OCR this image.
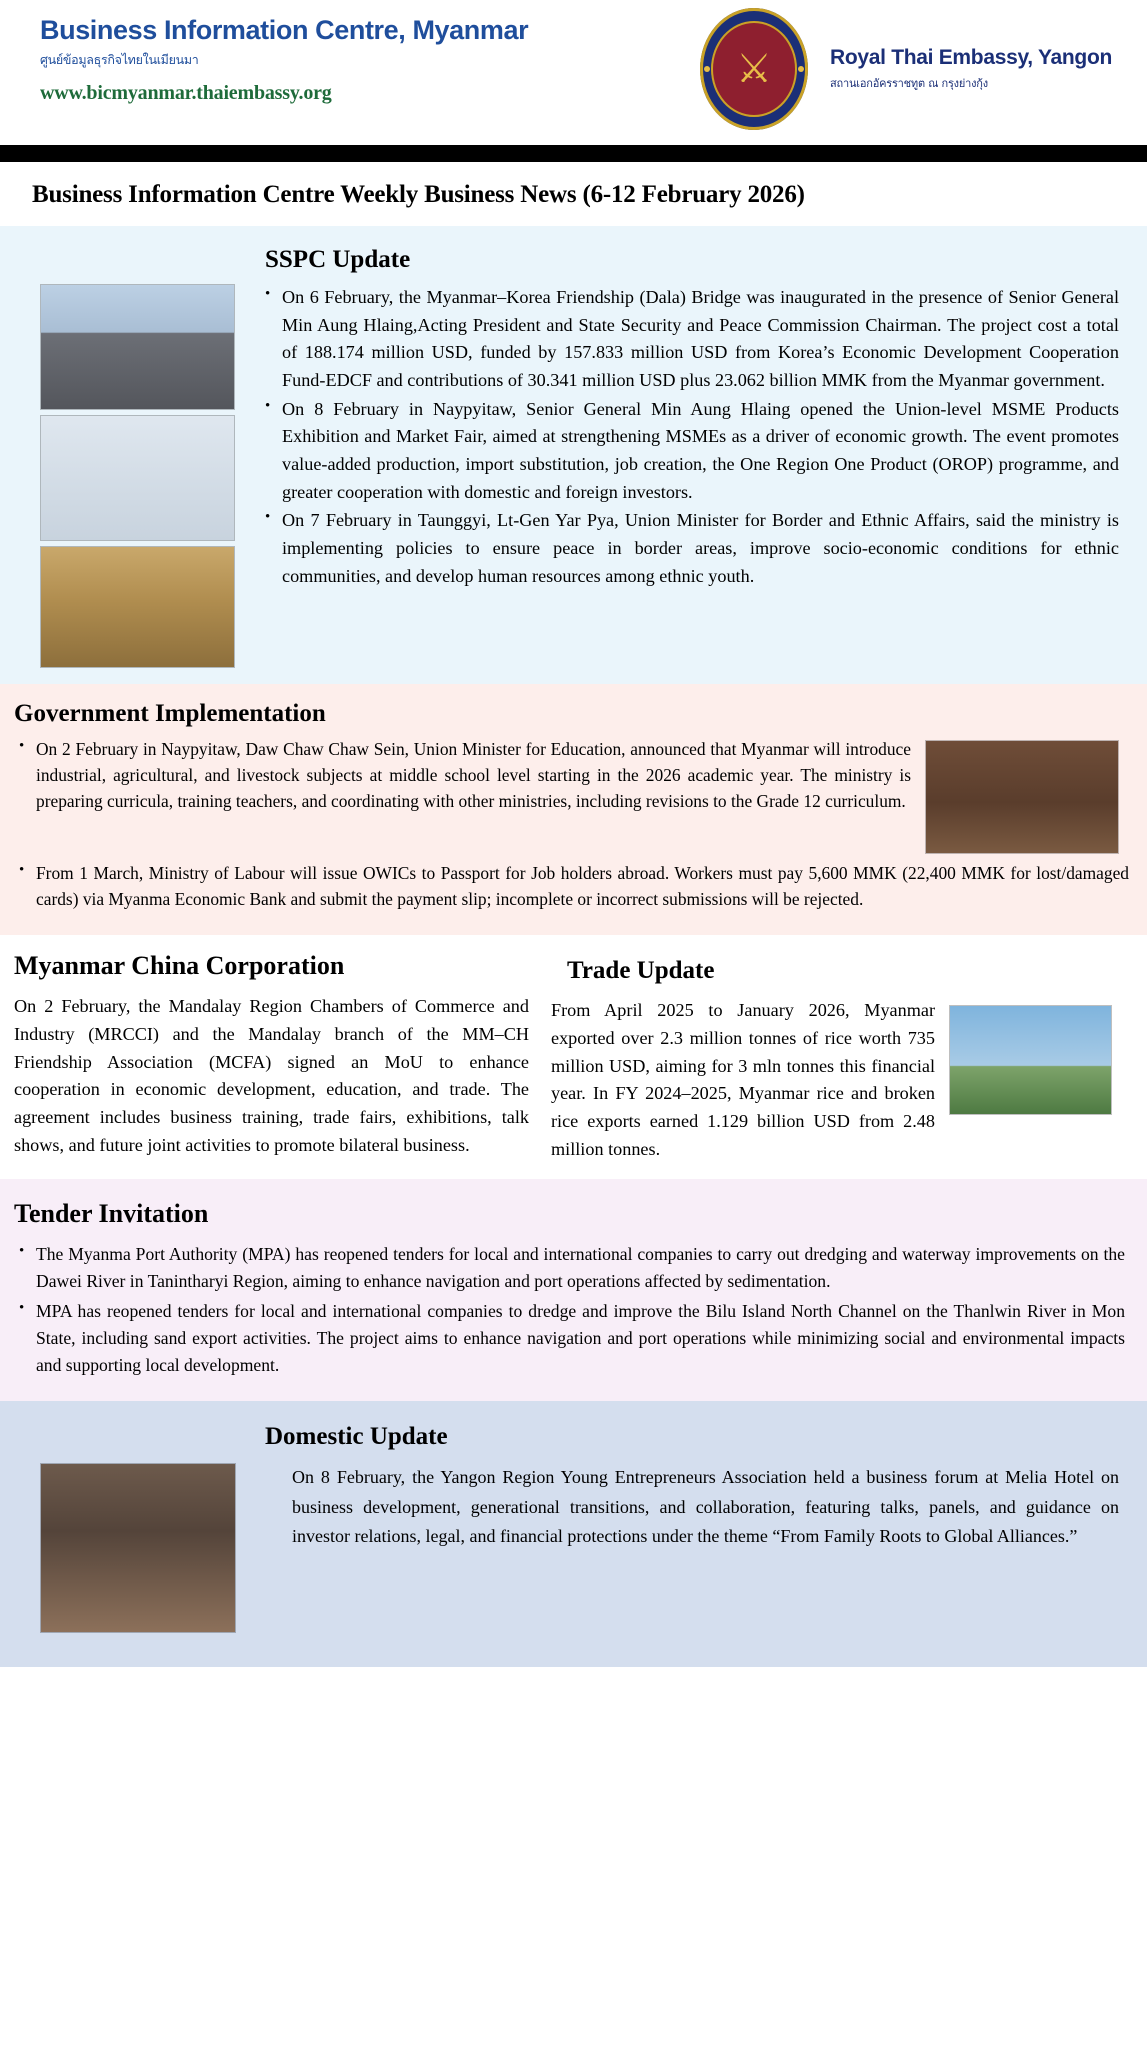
Business Information Centre, Myanmar
ศูนย์ข้อมูลธุรกิจไทยในเมียนมา
www.bicmyanmar.thaiembassy.org
⚔	Royal Thai Embassy, Yangon
สถานเอกอัครราชทูต ณ กรุงย่างกุ้ง
Business Information Centre Weekly Business News (6-12 February 2026)
SSPC Update
• On 6 February, the Myanmar–Korea Friendship (Dala) Bridge was inaugurated in the presence of Senior General Min Aung Hlaing,Acting President and State Security and Peace Commission Chairman. The project cost a total of 188.174 million USD, funded by 157.833 million USD from Korea’s Economic Development Cooperation Fund-EDCF and contributions of 30.341 million USD plus 23.062 billion MMK from the Myanmar government.
• On 8 February in Naypyitaw, Senior General Min Aung Hlaing opened the Union-level MSME Products Exhibition and Market Fair, aimed at strengthening MSMEs as a driver of economic growth. The event promotes value-added production, import substitution, job creation, the One Region One Product (OROP) programme, and greater cooperation with domestic and foreign investors.
• On 7 February in Taunggyi, Lt-Gen Yar Pya, Union Minister for Border and Ethnic Affairs, said the ministry is implementing policies to ensure peace in border areas, improve socio-economic conditions for ethnic communities, and develop human resources among ethnic youth.
Government Implementation
• On 2 February in Naypyitaw, Daw Chaw Chaw Sein, Union Minister for Education, announced that Myanmar will introduce industrial, agricultural, and livestock subjects at middle school level starting in the 2026 academic year. The ministry is preparing curricula, training teachers, and coordinating with other ministries, including revisions to the Grade 12 curriculum.
• From 1 March, Ministry of Labour will issue OWICs to Passport for Job holders abroad. Workers must pay 5,600 MMK (22,400 MMK for lost/damaged cards) via Myanma Economic Bank and submit the payment slip; incomplete or incorrect submissions will be rejected.
Myanmar China Corporation

On 2 February, the Mandalay Region Chambers of Commerce and Industry (MRCCI) and the Mandalay branch of the MM–CH Friendship Association (MCFA) signed an MoU to enhance cooperation in economic development, education, and trade. The agreement includes business training, trade fairs, exhibitions, talk shows, and future joint activities to promote bilateral business.

Trade Update

From April 2025 to January 2026, Myanmar exported over 2.3 million tonnes of rice worth 735 million USD, aiming for 3 mln tonnes this financial year. In FY 2024–2025, Myanmar rice and broken rice exports earned 1.129 billion USD from 2.48 million tonnes.

Tender Invitation
• The Myanma Port Authority (MPA) has reopened tenders for local and international companies to carry out dredging and waterway improvements on the Dawei River in Tanintharyi Region, aiming to enhance navigation and port operations affected by sedimentation.
• MPA has reopened tenders for local and international companies to dredge and improve the Bilu Island North Channel on the Thanlwin River in Mon State, including sand export activities. The project aims to enhance navigation and port operations while minimizing social and environmental impacts and supporting local development.
Domestic Update

On 8 February, the Yangon Region Young Entrepreneurs Association held a business forum at Melia Hotel on business development, generational transitions, and collaboration, featuring talks, panels, and guidance on investor relations, legal, and financial protections under the theme “From Family Roots to Global Alliances.”
